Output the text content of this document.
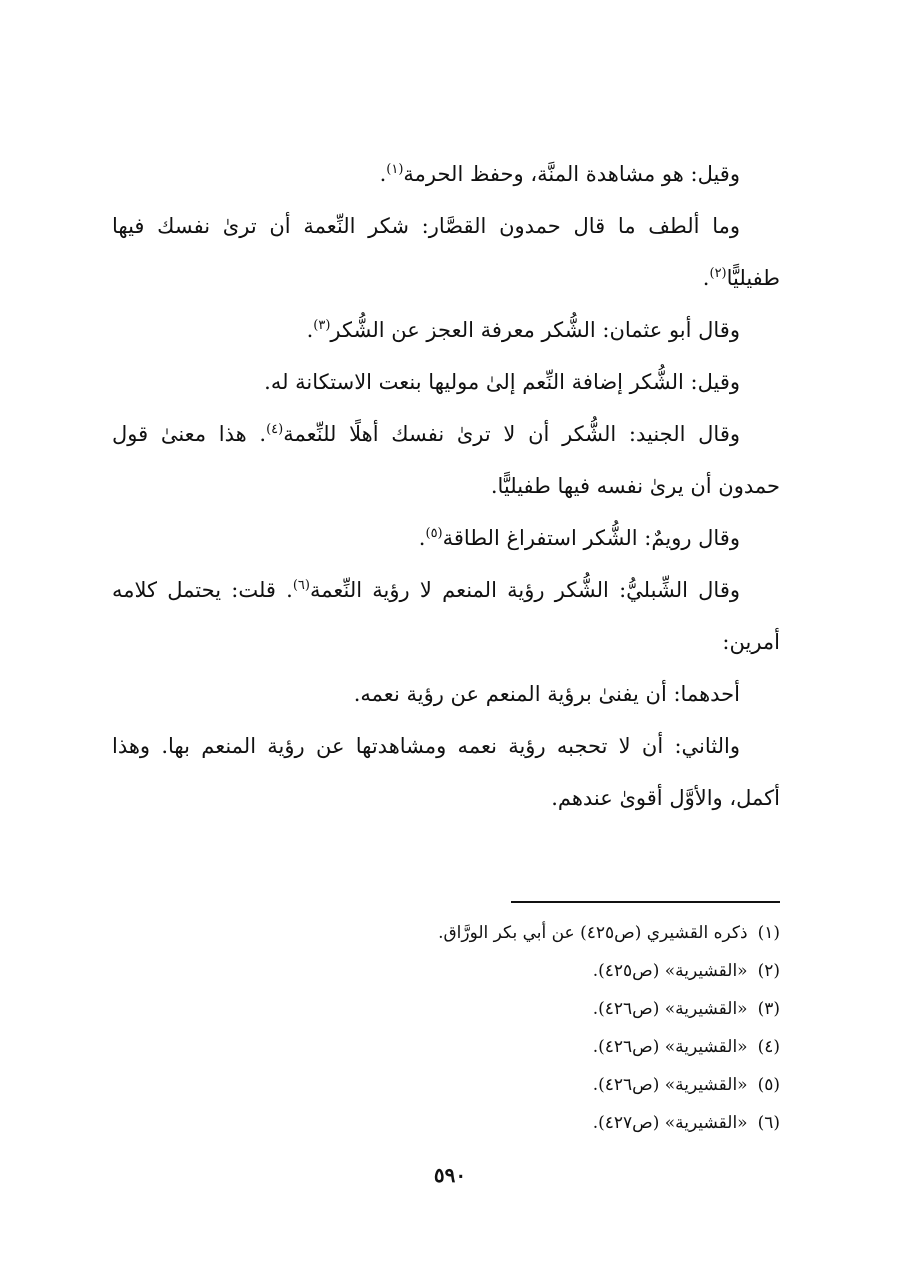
وقيل: هو مشاهدة المنَّة، وحفظ الحرمة$^{(١)}$.

وما ألطف ما قال حمدون القصَّار: شكر النِّعمة أن ترىٰ نفسك فيها طفيليًّا$^{(٢)}$.

وقال أبو عثمان: الشُّكر معرفة العجز عن الشُّكر$^{(٣)}$.

وقيل: الشُّكر إضافة النِّعم إلىٰ موليها بنعت الاستكانة له.

وقال الجنيد: الشُّكر أن لا ترىٰ نفسك أهلًا للنِّعمة$^{(٤)}$. هذا معنىٰ قول حمدون أن يرىٰ نفسه فيها طفيليًّا.

وقال رويمٌ: الشُّكر استفراغ الطاقة$^{(٥)}$.

وقال الشِّبليُّ: الشُّكر رؤية المنعم لا رؤية النِّعمة$^{(٦)}$. قلت: يحتمل كلامه أمرين:

أحدهما: أن يفنىٰ برؤية المنعم عن رؤية نعمه.

والثاني: أن لا تحجبه رؤية نعمه ومشاهدتها عن رؤية المنعم بها. وهذا أكمل، والأوَّل أقوىٰ عندهم.

(١)ذكره القشيري (ص٤٢٥) عن أبي بكر الورَّاق.
(٢)«القشيرية» (ص٤٢٥).
(٣)«القشيرية» (ص٤٢٦).
(٤)«القشيرية» (ص٤٢٦).
(٥)«القشيرية» (ص٤٢٦).
(٦)«القشيرية» (ص٤٢٧).
٥٩٠
